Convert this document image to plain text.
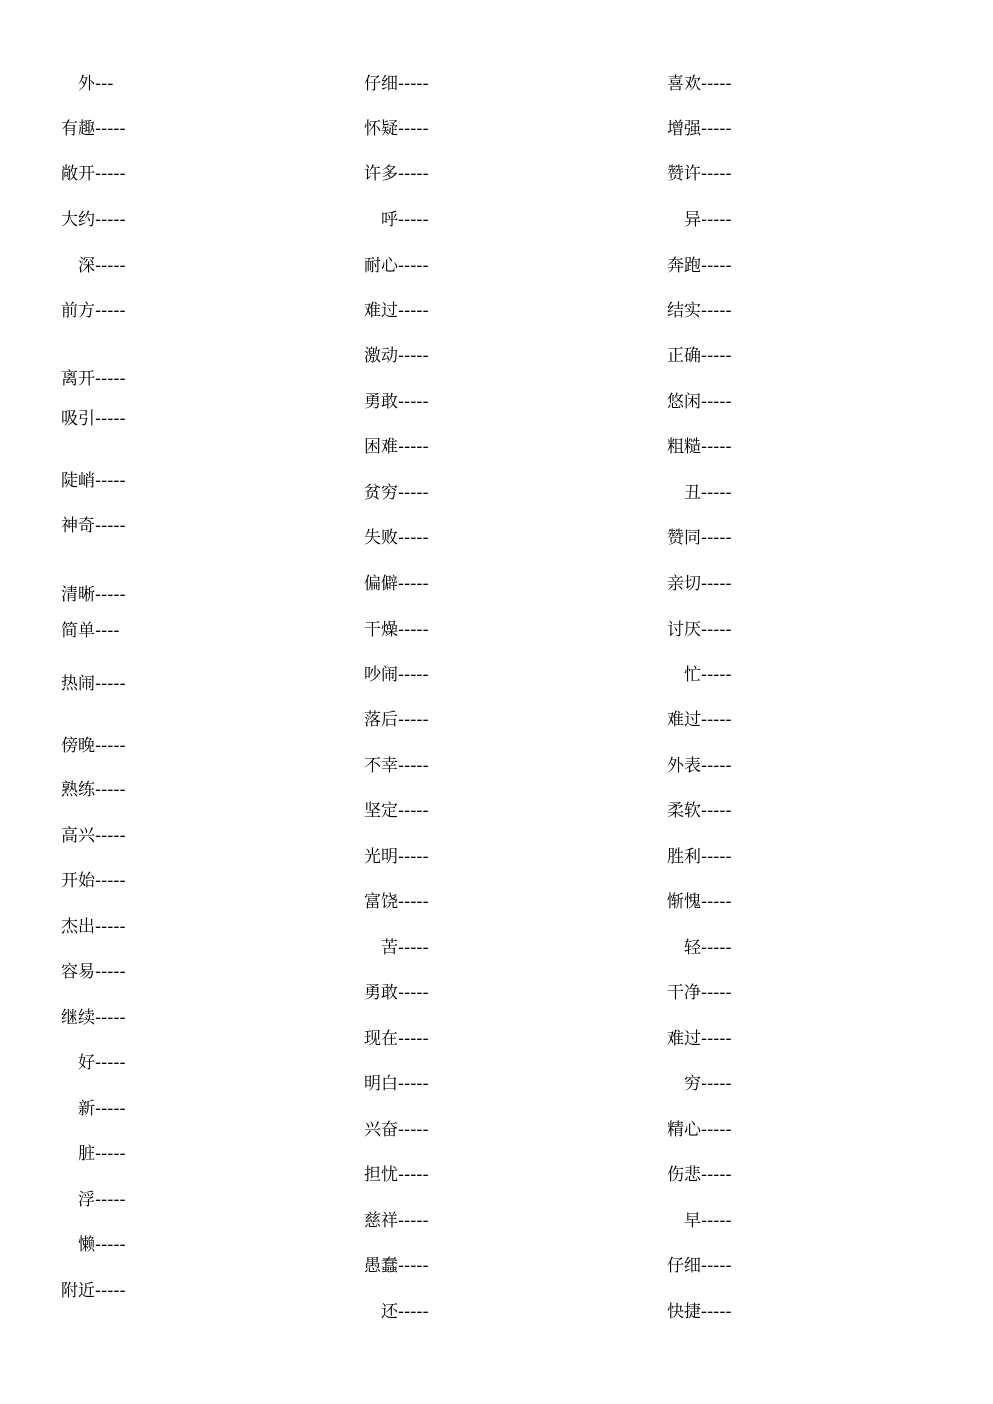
　外---
有趣-----
敞开-----
大约-----
　深-----
前方-----
离开-----
吸引-----
陡峭-----
神奇-----
清晰-----
简单----
热闹-----
傍晚-----
熟练-----
高兴-----
开始-----
杰出-----
容易-----
继续-----
　好-----
　新-----
　脏-----
　浮-----
　懒-----
附近-----
仔细-----
怀疑-----
许多-----
　呼-----
耐心-----
难过-----
激动-----
勇敢-----
困难-----
贫穷-----
失败-----
偏僻-----
干燥-----
吵闹-----
落后-----
不幸-----
坚定-----
光明-----
富饶-----
　苦-----
勇敢-----
现在-----
明白-----
兴奋-----
担忧-----
慈祥-----
愚蠢-----
　还-----
喜欢-----
增强-----
赞许-----
　异-----
奔跑-----
结实-----
正确-----
悠闲-----
粗糙-----
　丑-----
赞同-----
亲切-----
讨厌-----
　忙-----
难过-----
外表-----
柔软-----
胜利-----
惭愧-----
　轻-----
干净-----
难过-----
　穷-----
精心-----
伤悲-----
　早-----
仔细-----
快捷-----
